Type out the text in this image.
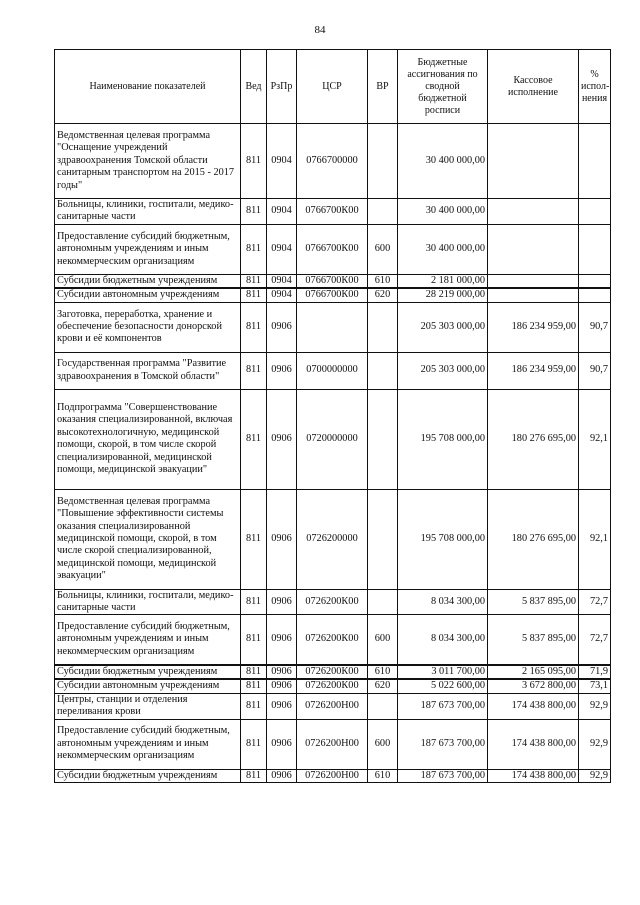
84
Наименование показателей	Вед	РзПр	ЦСР	ВР	Бюджетные ассигнования по сводной бюджетной росписи	Кассовое исполнение	% испол-нения
Ведомственная целевая программа "Оснащение учреждений здравоохранения Томской области санитарным транспортом на 2015 - 2017 годы"	811	0904	0766700000		30 400 000,00		
Больницы, клиники, госпитали, медико-санитарные части	811	0904	0766700К00		30 400 000,00		
Предоставление субсидий бюджетным, автономным учреждениям и иным некоммерческим организациям	811	0904	0766700К00	600	30 400 000,00		
Субсидии бюджетным учреждениям	811	0904	0766700К00	610	2 181 000,00		
Субсидии автономным учреждениям	811	0904	0766700К00	620	28 219 000,00		
Заготовка, переработка, хранение и обеспечение безопасности донорской крови и её компонентов	811	0906			205 303 000,00	186 234 959,00	90,7
Государственная программа "Развитие здравоохранения в Томской области"	811	0906	0700000000		205 303 000,00	186 234 959,00	90,7
Подпрограмма "Совершенствование оказания специализированной, включая высокотехнологичную, медицинской помощи, скорой, в том числе скорой специализированной, медицинской помощи, медицинской эвакуации"	811	0906	0720000000		195 708 000,00	180 276 695,00	92,1
Ведомственная целевая программа "Повышение эффективности системы оказания специализированной медицинской помощи, скорой, в том числе скорой специализированной, медицинской помощи, медицинской эвакуации"	811	0906	0726200000		195 708 000,00	180 276 695,00	92,1
Больницы, клиники, госпитали, медико-санитарные части	811	0906	0726200К00		8 034 300,00	5 837 895,00	72,7
Предоставление субсидий бюджетным, автономным учреждениям и иным некоммерческим организациям	811	0906	0726200К00	600	8 034 300,00	5 837 895,00	72,7
Субсидии бюджетным учреждениям	811	0906	0726200К00	610	3 011 700,00	2 165 095,00	71,9
Субсидии автономным учреждениям	811	0906	0726200К00	620	5 022 600,00	3 672 800,00	73,1
Центры, станции и отделения переливания крови	811	0906	0726200Н00		187 673 700,00	174 438 800,00	92,9
Предоставление субсидий бюджетным, автономным учреждениям и иным некоммерческим организациям	811	0906	0726200Н00	600	187 673 700,00	174 438 800,00	92,9
Субсидии бюджетным учреждениям	811	0906	0726200Н00	610	187 673 700,00	174 438 800,00	92,9
